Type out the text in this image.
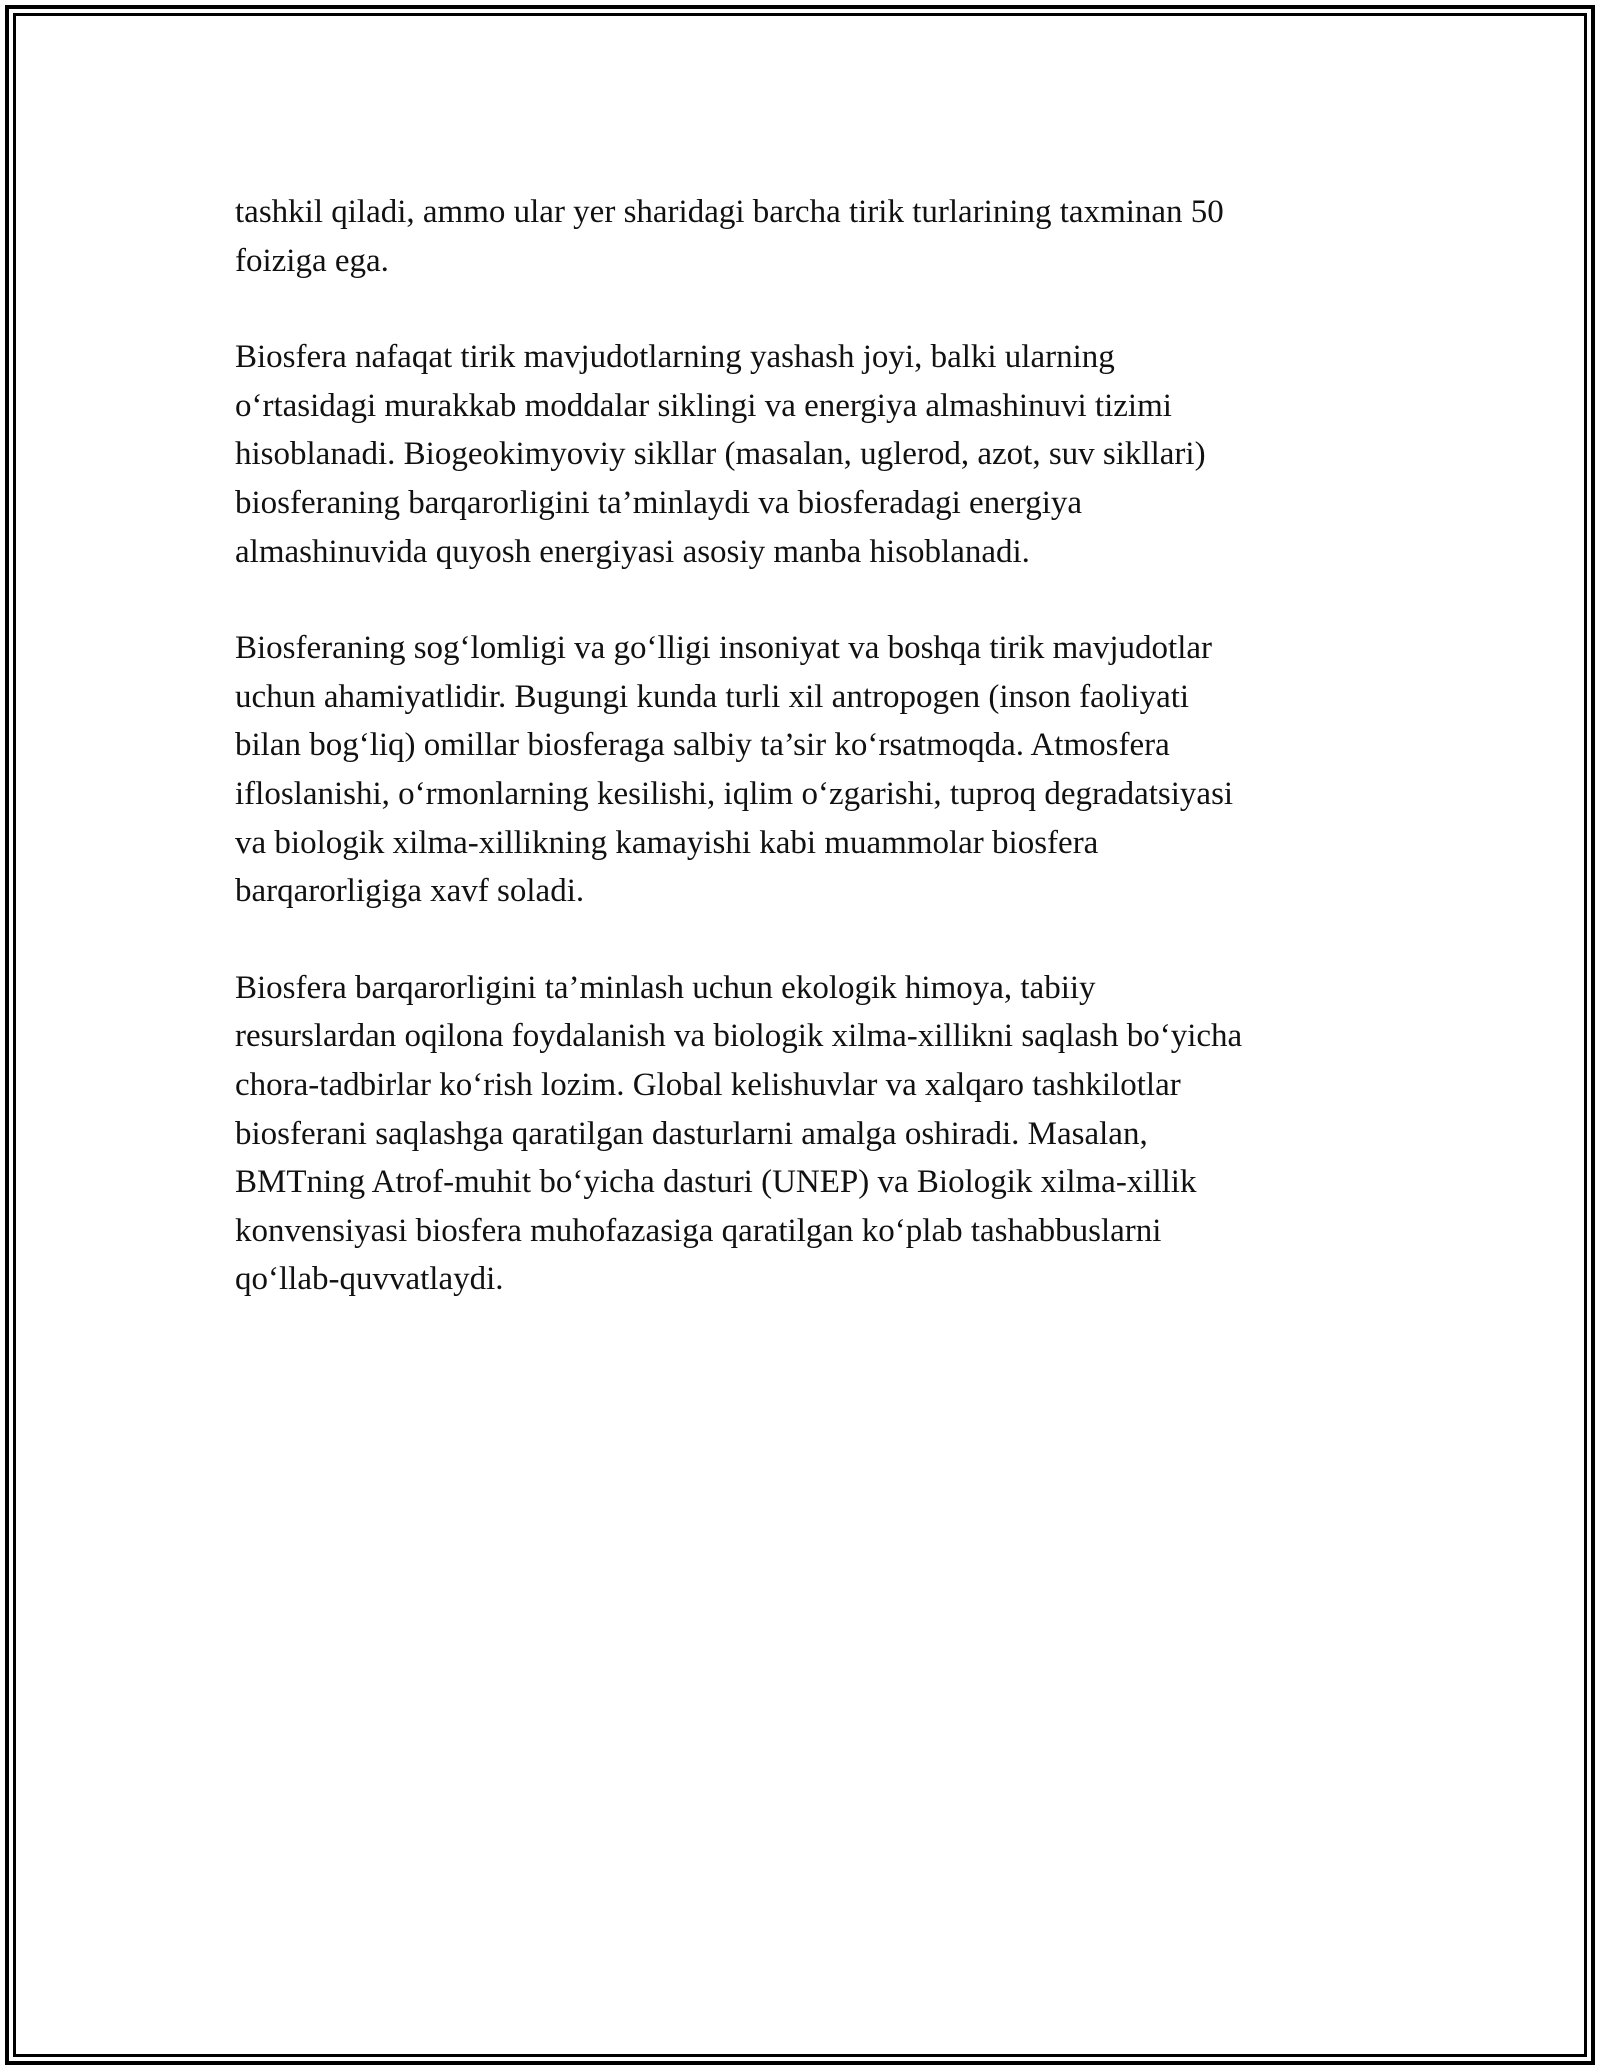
tashkil qiladi, ammo ular yer sharidagi barcha tirik turlarining taxminan 50
foiziga ega.

Biosfera nafaqat tirik mavjudotlarning yashash joyi, balki ularning
o‘rtasidagi murakkab moddalar siklingi va energiya almashinuvi tizimi
hisoblanadi. Biogeokimyoviy sikllar (masalan, uglerod, azot, suv sikllari)
biosferaning barqarorligini ta’minlaydi va biosferadagi energiya
almashinuvida quyosh energiyasi asosiy manba hisoblanadi.

Biosferaning sog‘lomligi va go‘lligi insoniyat va boshqa tirik mavjudotlar
uchun ahamiyatlidir. Bugungi kunda turli xil antropogen (inson faoliyati
bilan bog‘liq) omillar biosferaga salbiy ta’sir ko‘rsatmoqda. Atmosfera
ifloslanishi, o‘rmonlarning kesilishi, iqlim o‘zgarishi, tuproq degradatsiyasi
va biologik xilma-xillikning kamayishi kabi muammolar biosfera
barqarorligiga xavf soladi.

Biosfera barqarorligini ta’minlash uchun ekologik himoya, tabiiy
resurslardan oqilona foydalanish va biologik xilma-xillikni saqlash bo‘yicha
chora-tadbirlar ko‘rish lozim. Global kelishuvlar va xalqaro tashkilotlar
biosferani saqlashga qaratilgan dasturlarni amalga oshiradi. Masalan,
BMTning Atrof-muhit bo‘yicha dasturi (UNEP) va Biologik xilma-xillik
konvensiyasi biosfera muhofazasiga qaratilgan ko‘plab tashabbuslarni
qo‘llab-quvvatlaydi.
